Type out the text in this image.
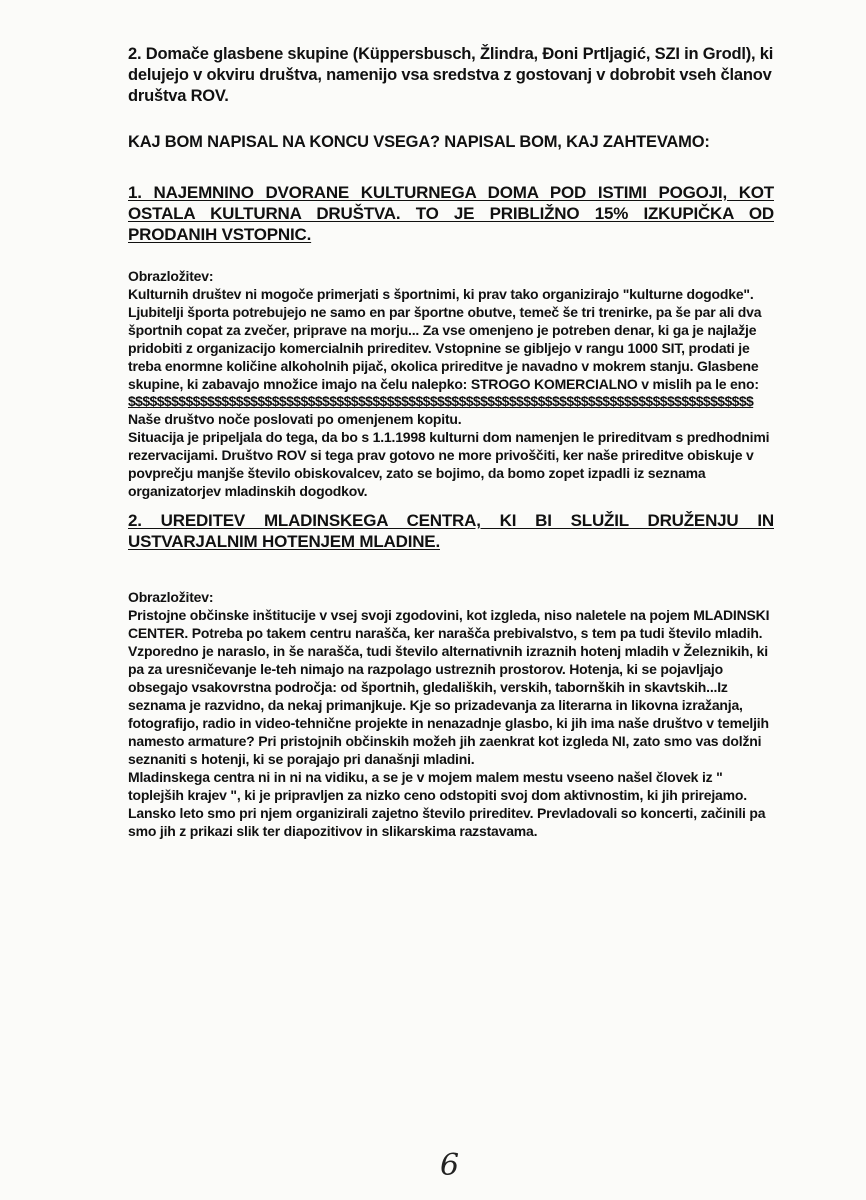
2. Domače glasbene skupine (Küppersbusch, Žlindra, Đoni Prtljagić, SZI in Grodl), ki delujejo v okviru društva, namenijo vsa sredstva z gostovanj v dobrobit vseh članov društva ROV.

KAJ BOM NAPISAL NA KONCU VSEGA? NAPISAL BOM, KAJ ZAHTEVAMO:

1. NAJEMNINO DVORANE KULTURNEGA DOMA POD ISTIMI POGOJI, KOT OSTALA KULTURNA DRUŠTVA. TO JE PRIBLIŽNO 15% IZKUPIČKA OD PRODANIH VSTOPNIC.

Obrazložitev:

Kulturnih društev ni mogoče primerjati s športnimi, ki prav tako organizirajo "kulturne dogodke". Ljubitelji športa potrebujejo ne samo en par športne obutve, temeč še tri trenirke, pa še par ali dva športnih copat za zvečer, priprave na morju... Za vse omenjeno je potreben denar, ki ga je najlažje pridobiti z organizacijo komercialnih prireditev. Vstopnine se gibljejo v rangu 1000 SIT, prodati je treba enormne količine alkoholnih pijač, okolica prireditve je navadno v mokrem stanju. Glasbene skupine, ki zabavajo množice imajo na čelu nalepko: STROGO KOMERCIALNO v mislih pa le eno:

$$$$$$$$$$$$$$$$$$$$$$$$$$$$$$$$$$$$$$$$$$$$$$$$$$$$$$$$$$$$$$$$$$$$$$$$$$$$$$$$$$$$$$$

Naše društvo noče poslovati po omenjenem kopitu.

Situacija je pripeljala do tega, da bo s 1.1.1998 kulturni dom namenjen le prireditvam s predhodnimi rezervacijami. Društvo ROV si tega prav gotovo ne more privoščiti, ker naše prireditve obiskuje v povprečju manjše število obiskovalcev, zato se bojimo, da bomo zopet izpadli iz seznama organizatorjev mladinskih dogodkov.

2. UREDITEV MLADINSKEGA CENTRA, KI BI SLUŽIL DRUŽENJU IN USTVARJALNIM HOTENJEM MLADINE.

Obrazložitev:

Pristojne občinske inštitucije v vsej svoji zgodovini, kot izgleda, niso naletele na pojem MLADINSKI CENTER. Potreba po takem centru narašča, ker narašča prebivalstvo, s tem pa tudi število mladih. Vzporedno je naraslo, in še narašča, tudi število alternativnih izraznih hotenj mladih v Železnikih, ki pa za uresničevanje le-teh nimajo na razpolago ustreznih prostorov. Hotenja, ki se pojavljajo obsegajo vsakovrstna področja: od športnih, gledaliških, verskih, tabornških in skavtskih...Iz seznama je razvidno, da nekaj primanjkuje. Kje so prizadevanja za literarna in likovna izražanja, fotografijo, radio in video-tehnične projekte in nenazadnje glasbo, ki jih ima naše društvo v temeljih namesto armature? Pri pristojnih občinskih možeh jih zaenkrat kot izgleda NI, zato smo vas dolžni seznaniti s hotenji, ki se porajajo pri današnji mladini.

Mladinskega centra ni in ni na vidiku, a se je v mojem malem mestu vseeno našel človek iz " toplejših krajev ", ki je pripravljen za nizko ceno odstopiti svoj dom aktivnostim, ki jih prirejamo. Lansko leto smo pri njem organizirali zajetno število prireditev. Prevladovali so koncerti, začinili pa smo jih z prikazi slik ter diapozitivov in slikarskima razstavama.

6
